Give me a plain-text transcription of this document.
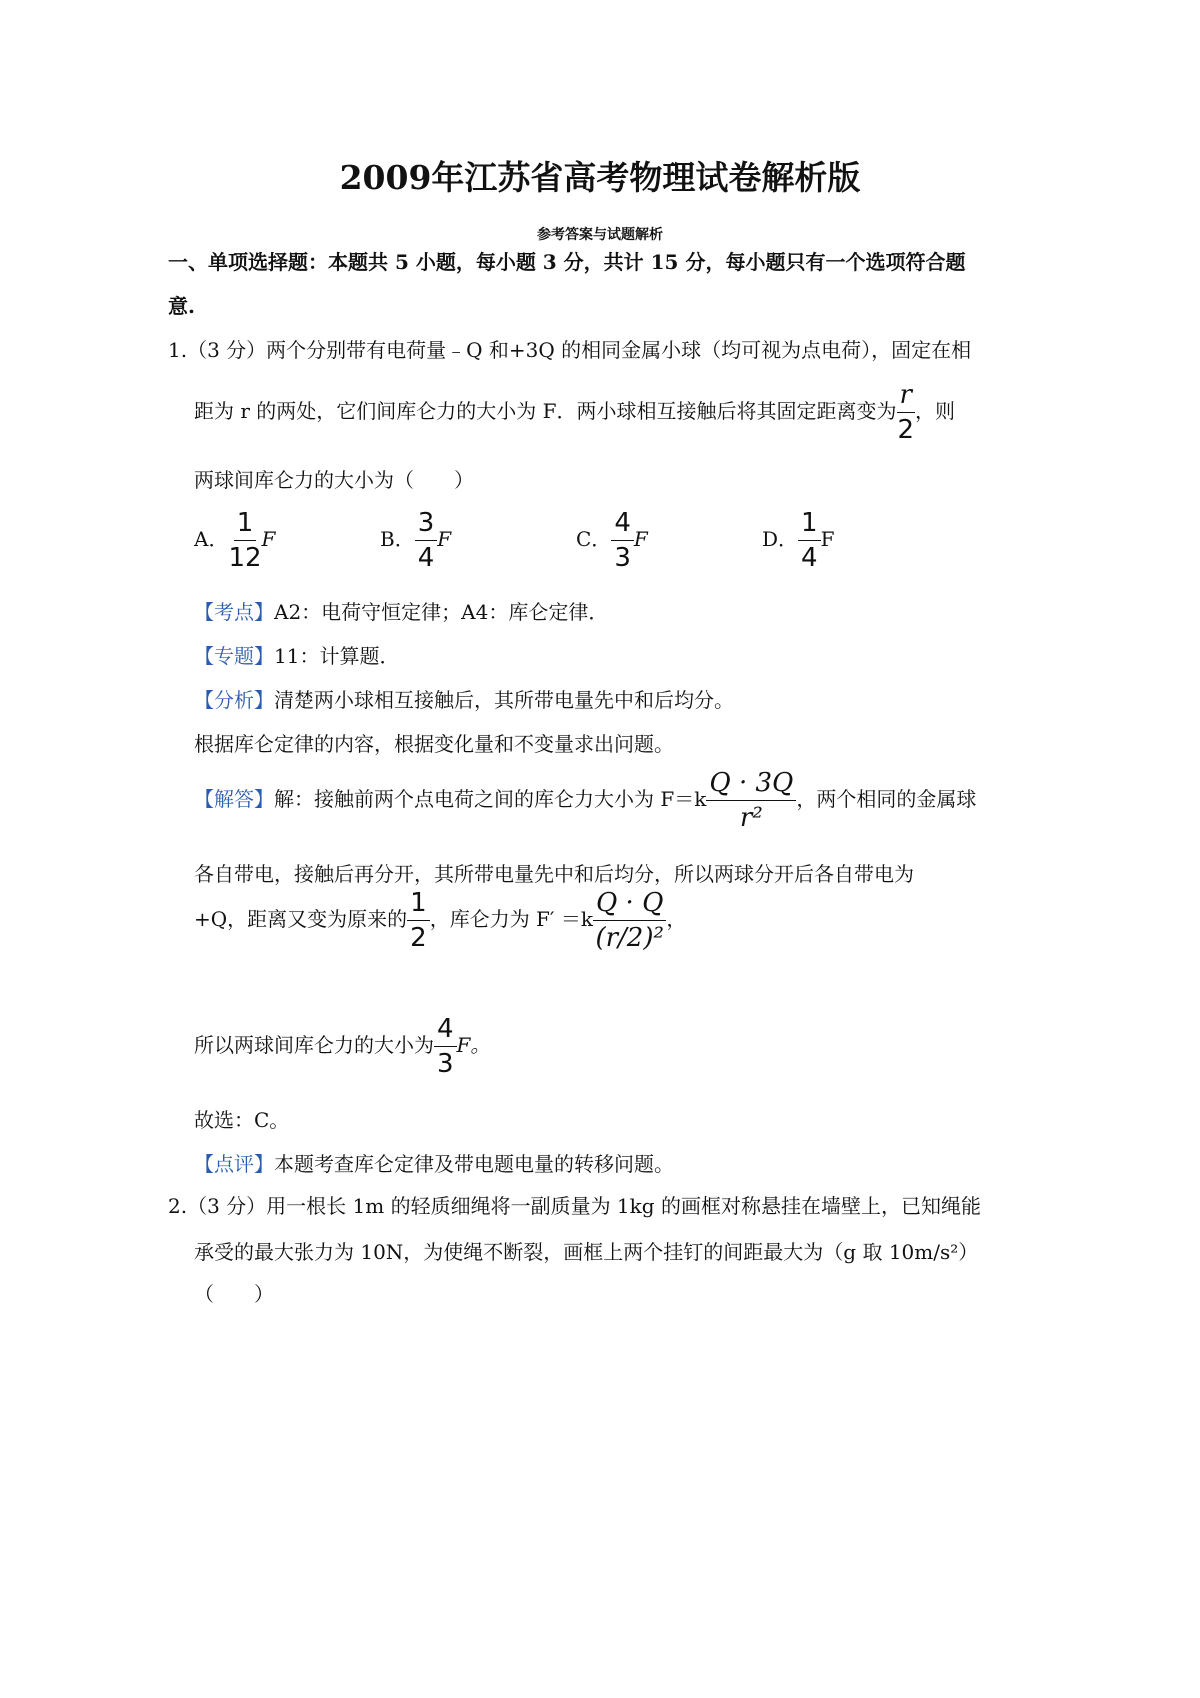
2009年江苏省高考物理试卷解析版
参考答案与试题解析
一、单项选择题：本题共 5 小题，每小题 3 分，共计 15 分，每小题只有一个选项符合题
意.
1.（3 分）两个分别带有电荷量﹣Q 和+3Q 的相同金属小球（均可视为点电荷），固定在相
距为 r 的两处，它们间库仑力的大小为 F．两小球相互接触后将其固定距离变为 $\frac{r}{2}$ ，则
两球间库仑力的大小为（　　）
A． $\frac{1}{12}$ F	B． $\frac{3}{4}$ F	C． $\frac{4}{3}$ F	D． $\frac{1}{4}$ F
【考点】A2：电荷守恒定律；A4：库仑定律．
【专题】11：计算题．
【分析】清楚两小球相互接触后，其所带电量先中和后均分。
根据库仑定律的内容，根据变化量和不变量求出问题。
【解答】解：接触前两个点电荷之间的库仑力大小为 $F=k \frac{Q \cdot 3Q}{\text{r²}}$ ，两个相同的金属球
各自带电，接触后再分开，其所带电量先中和后均分，所以两球分开后各自带电为
+Q，距离又变为原来的 $\frac{1}{2}$ ，库仑力为 $F' =k \frac{Q \cdot Q}{\text{(r/2)²}}$ ，
所以两球间库仑力的大小为 $\frac{4}{3}$ F。
故选：C。
【点评】本题考查库仑定律及带电题电量的转移问题。
2.（3 分）用一根长 1m 的轻质细绳将一副质量为 1kg 的画框对称悬挂在墙壁上，已知绳能
承受的最大张力为 10N，为使绳不断裂，画框上两个挂钉的间距最大为（g 取 10m/s²）
（　　）
